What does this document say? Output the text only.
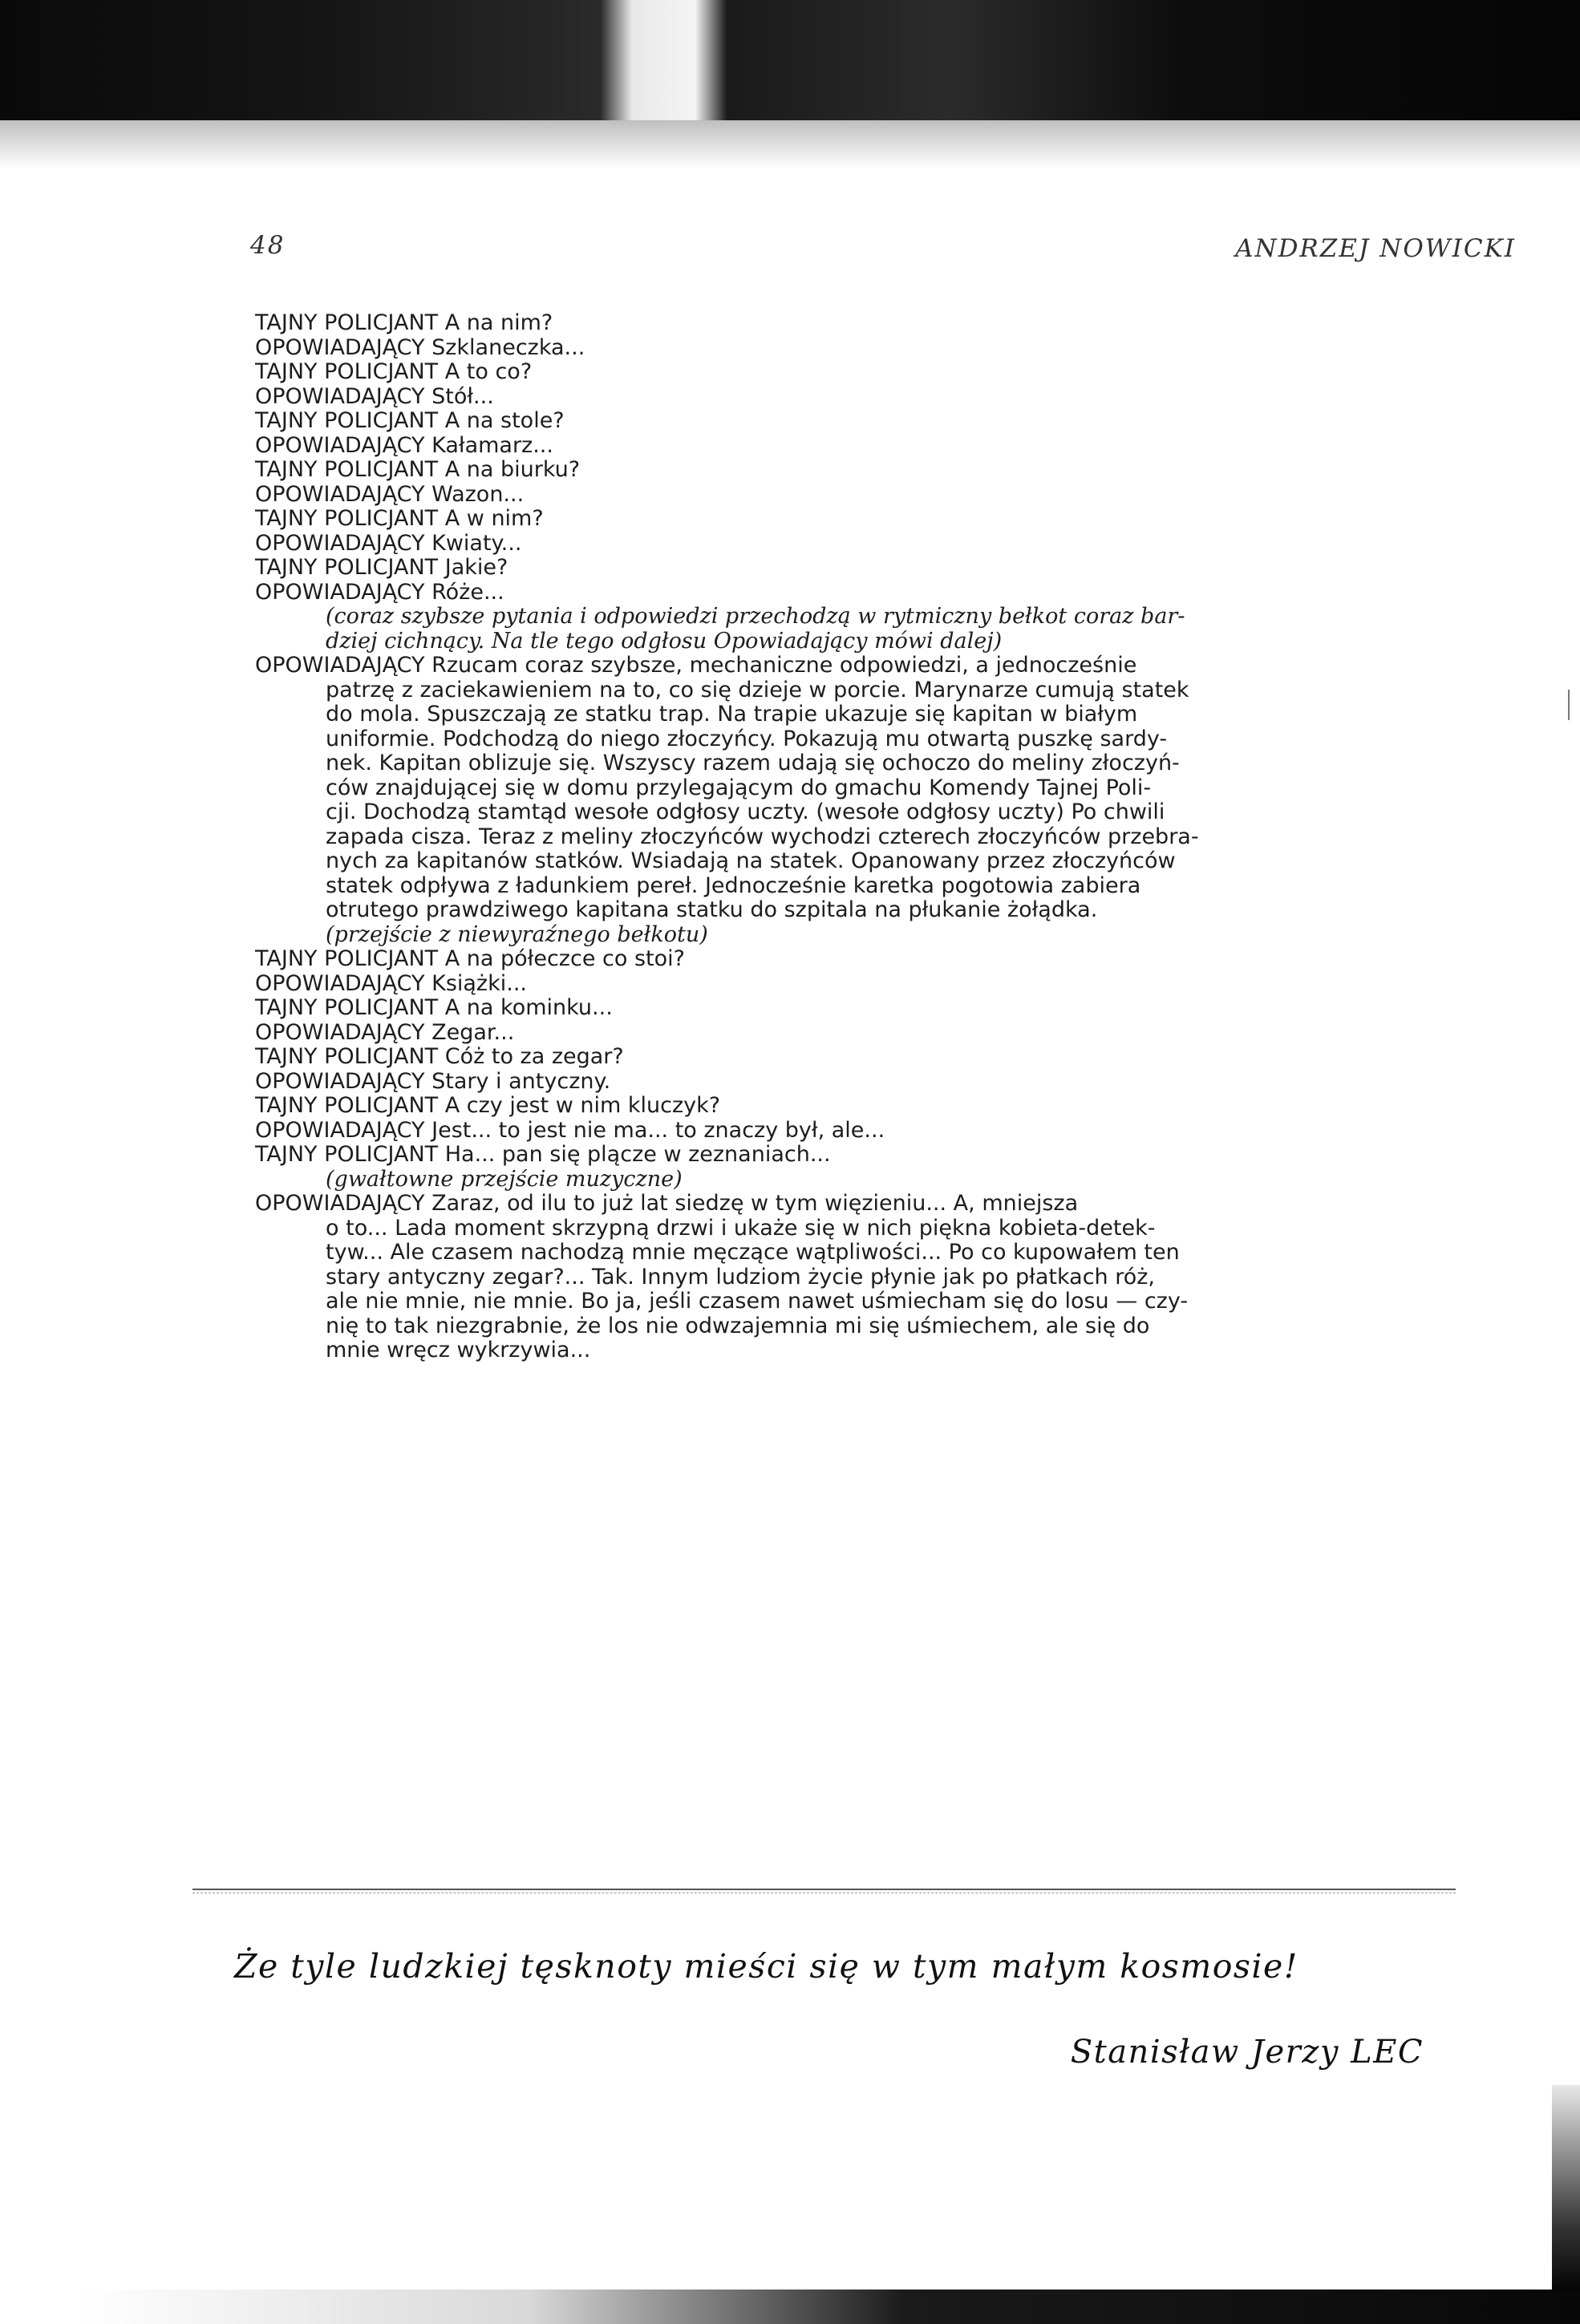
48	ANDRZEJ NOWICKI
TAJNY POLICJANT A na nim?
OPOWIADAJĄCY Szklaneczka...
TAJNY POLICJANT A to co?
OPOWIADAJĄCY Stół...
TAJNY POLICJANT A na stole?
OPOWIADAJĄCY Kałamarz...
TAJNY POLICJANT A na biurku?
OPOWIADAJĄCY Wazon...
TAJNY POLICJANT A w nim?
OPOWIADAJĄCY Kwiaty...
TAJNY POLICJANT Jakie?
OPOWIADAJĄCY Róże...
(coraz szybsze pytania i odpowiedzi przechodzą w rytmiczny bełkot coraz bar-
dziej cichnący. Na tle tego odgłosu Opowiadający mówi dalej)
OPOWIADAJĄCY Rzucam coraz szybsze, mechaniczne odpowiedzi, a jednocześnie
patrzę z zaciekawieniem na to, co się dzieje w porcie. Marynarze cumują statek
do mola. Spuszczają ze statku trap. Na trapie ukazuje się kapitan w białym
uniformie. Podchodzą do niego złoczyńcy. Pokazują mu otwartą puszkę sardy-
nek. Kapitan oblizuje się. Wszyscy razem udają się ochoczo do meliny złoczyń-
ców znajdującej się w domu przylegającym do gmachu Komendy Tajnej Poli-
cji. Dochodzą stamtąd wesołe odgłosy uczty. (wesołe odgłosy uczty) Po chwili
zapada cisza. Teraz z meliny złoczyńców wychodzi czterech złoczyńców przebra-
nych za kapitanów statków. Wsiadają na statek. Opanowany przez złoczyńców
statek odpływa z ładunkiem pereł. Jednocześnie karetka pogotowia zabiera
otrutego prawdziwego kapitana statku do szpitala na płukanie żołądka.
(przejście z niewyraźnego bełkotu)
TAJNY POLICJANT A na półeczce co stoi?
OPOWIADAJĄCY Książki...
TAJNY POLICJANT A na kominku...
OPOWIADAJĄCY Zegar...
TAJNY POLICJANT Cóż to za zegar?
OPOWIADAJĄCY Stary i antyczny.
TAJNY POLICJANT A czy jest w nim kluczyk?
OPOWIADAJĄCY Jest... to jest nie ma... to znaczy był, ale...
TAJNY POLICJANT Ha... pan się plącze w zeznaniach...
(gwałtowne przejście muzyczne)
OPOWIADAJĄCY Zaraz, od ilu to już lat siedzę w tym więzieniu... A, mniejsza
o to... Lada moment skrzypną drzwi i ukaże się w nich piękna kobieta-detek-
tyw... Ale czasem nachodzą mnie męczące wątpliwości... Po co kupowałem ten
stary antyczny zegar?... Tak. Innym ludziom życie płynie jak po płatkach róż,
ale nie mnie, nie mnie. Bo ja, jeśli czasem nawet uśmiecham się do losu — czy-
nię to tak niezgrabnie, że los nie odwzajemnia mi się uśmiechem, ale się do
mnie wręcz wykrzywia...
Że tyle ludzkiej tęsknoty mieści się w tym małym kosmosie!
Stanisław Jerzy LEC
